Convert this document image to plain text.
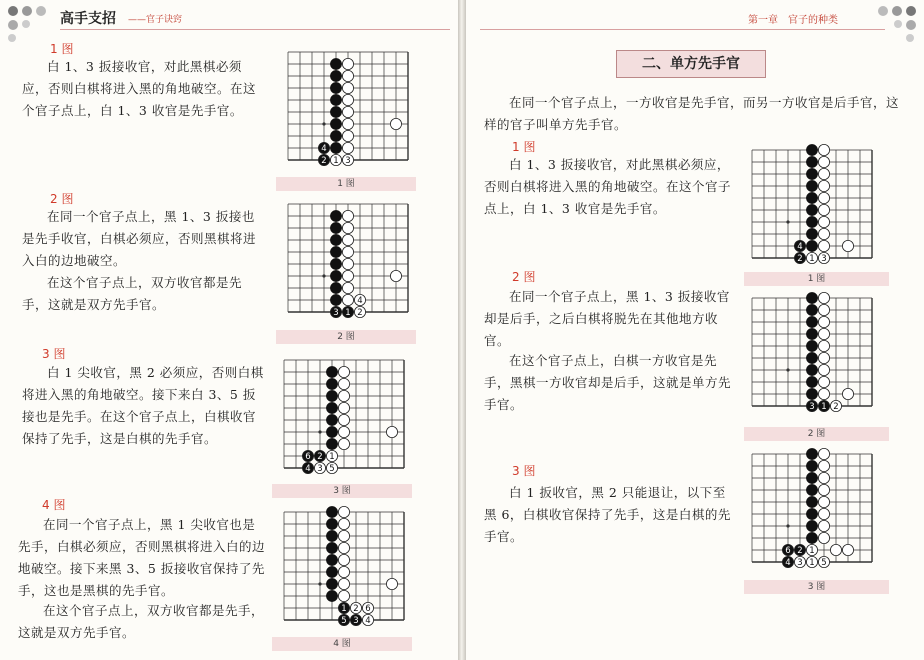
高手支招 ——官子诀窍
1 图
白 1、3 扳接收官，对此黑棋必须应，否则白棋将进入黑的角地破空。在这个官子点上，白 1、3 收官是先手官。
4
2 1 3
1 图
2 图
在同一个官子点上，黑 1、3 扳接也是先手收官，白棋必须应，否则黑棋将进入白的边地破空。
在这个官子点上，双方收官都是先手，这就是双方先手官。	4
3 1 2
2 图
3 图
白 1 尖收官，黑 2 必须应，否则白棋将进入黑的角地破空。接下来白 3、5 扳接也是先手。在这个官子点上，白棋收官保持了先手，这是白棋的先手官。
6 2 1
4 3 5
3 图
4 图
在同一个官子点上，黑 1 尖收官也是先手，白棋必须应，否则黑棋将进入白的边地破空。接下来黑 3、5 扳接收官保持了先手，这也是黑棋的先手官。
在这个官子点上，双方收官都是先手，这就是双方先手官。
1 2 6
5 3 4
4 图
第一章　官子的种类
二、单方先手官
在同一个官子点上，一方收官是先手官，而另一方收官是后手官，这样的官子叫单方先手官。
1 图
白 1、3 扳接收官，对此黑棋必须应，否则白棋将进入黑的角地破空。在这个官子点上，白 1、3 收官是先手官。
4
2 1 3
1 图
2 图
在同一个官子点上，黑 1、3 扳接收官却是后手，之后白棋将脱先在其他地方收官。
在这个官子点上，白棋一方收官是先手，黑棋一方收官却是后手，这就是单方先手官。	3 1 2
2 图
3 图
白 1 扳收官，黑 2 只能退让，以下至黑 6，白棋收官保持了先手，这是白棋的先手官。
6 2 1
4 3 1 5
3 图
